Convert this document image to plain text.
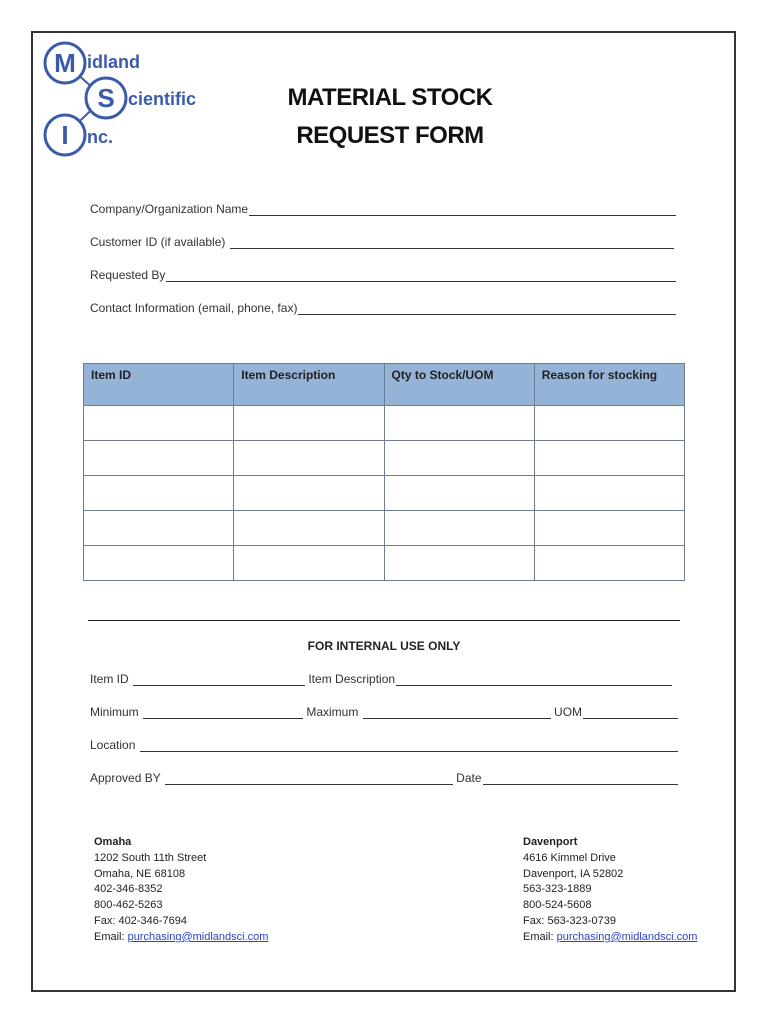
M
S
I
idland
cientific
nc.
MATERIAL STOCK
REQUEST FORM
Company/Organization Name
Customer ID (if available)
Requested By
Contact Information (email, phone, fax)
Item ID	Item Description	Qty to Stock/UOM	Reason for stocking

FOR INTERNAL USE ONLY
Item ID	Item Description
Minimum	Maximum	UOM
Location
Approved BY	Date
Omaha
1202 South 11th Street
Omaha, NE 68108
402-346-8352
800-462-5263
Fax: 402-346-7694
Email: purchasing@midlandsci.com
Davenport
4616 Kimmel Drive
Davenport, IA 52802
563-323-1889
800-524-5608
Fax: 563-323-0739
Email: purchasing@midlandsci.com
